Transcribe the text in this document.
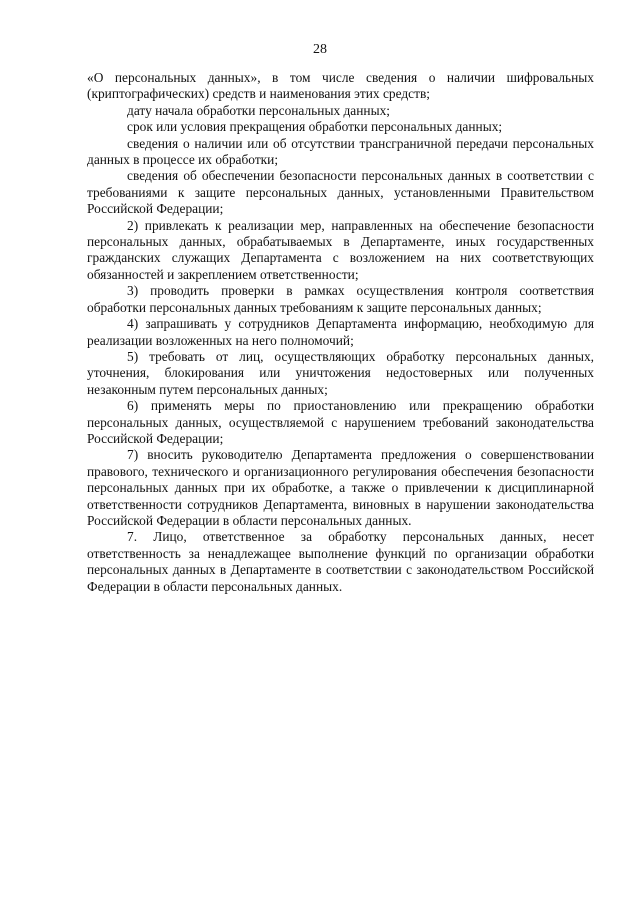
28

«О персональных данных», в том числе сведения о наличии шифровальных (криптографических) средств и наименования этих средств;

дату начала обработки персональных данных;

срок или условия прекращения обработки персональных данных;

сведения о наличии или об отсутствии трансграничной передачи персональных данных в процессе их обработки;

сведения об обеспечении безопасности персональных данных в соответствии с требованиями к защите персональных данных, установленными Правительством Российской Федерации;

2) привлекать к реализации мер, направленных на обеспечение безопасности персональных данных, обрабатываемых в Департаменте, иных государственных гражданских служащих Департамента с возложением на них соответствующих обязанностей и закреплением ответственности;

3) проводить проверки в рамках осуществления контроля соответствия обработки персональных данных требованиям к защите персональных данных;

4) запрашивать у сотрудников Департамента информацию, необходимую для реализации возложенных на него полномочий;

5) требовать от лиц, осуществляющих обработку персональных данных, уточнения, блокирования или уничтожения недостоверных или полученных незаконным путем персональных данных;

6) применять меры по приостановлению или прекращению обработки персональных данных, осуществляемой с нарушением требований законодательства Российской Федерации;

7) вносить руководителю Департамента предложения о совершенствовании правового, технического и организационного регулирования обеспечения безопасности персональных данных при их обработке, а также о привлечении к дисциплинарной ответственности сотрудников Департамента, виновных в нарушении законодательства Российской Федерации в области персональных данных.

7. Лицо, ответственное за обработку персональных данных, несет ответственность за ненадлежащее выполнение функций по организации обработки персональных данных в Департаменте в соответствии с законодательством Российской Федерации в области персональных данных.
